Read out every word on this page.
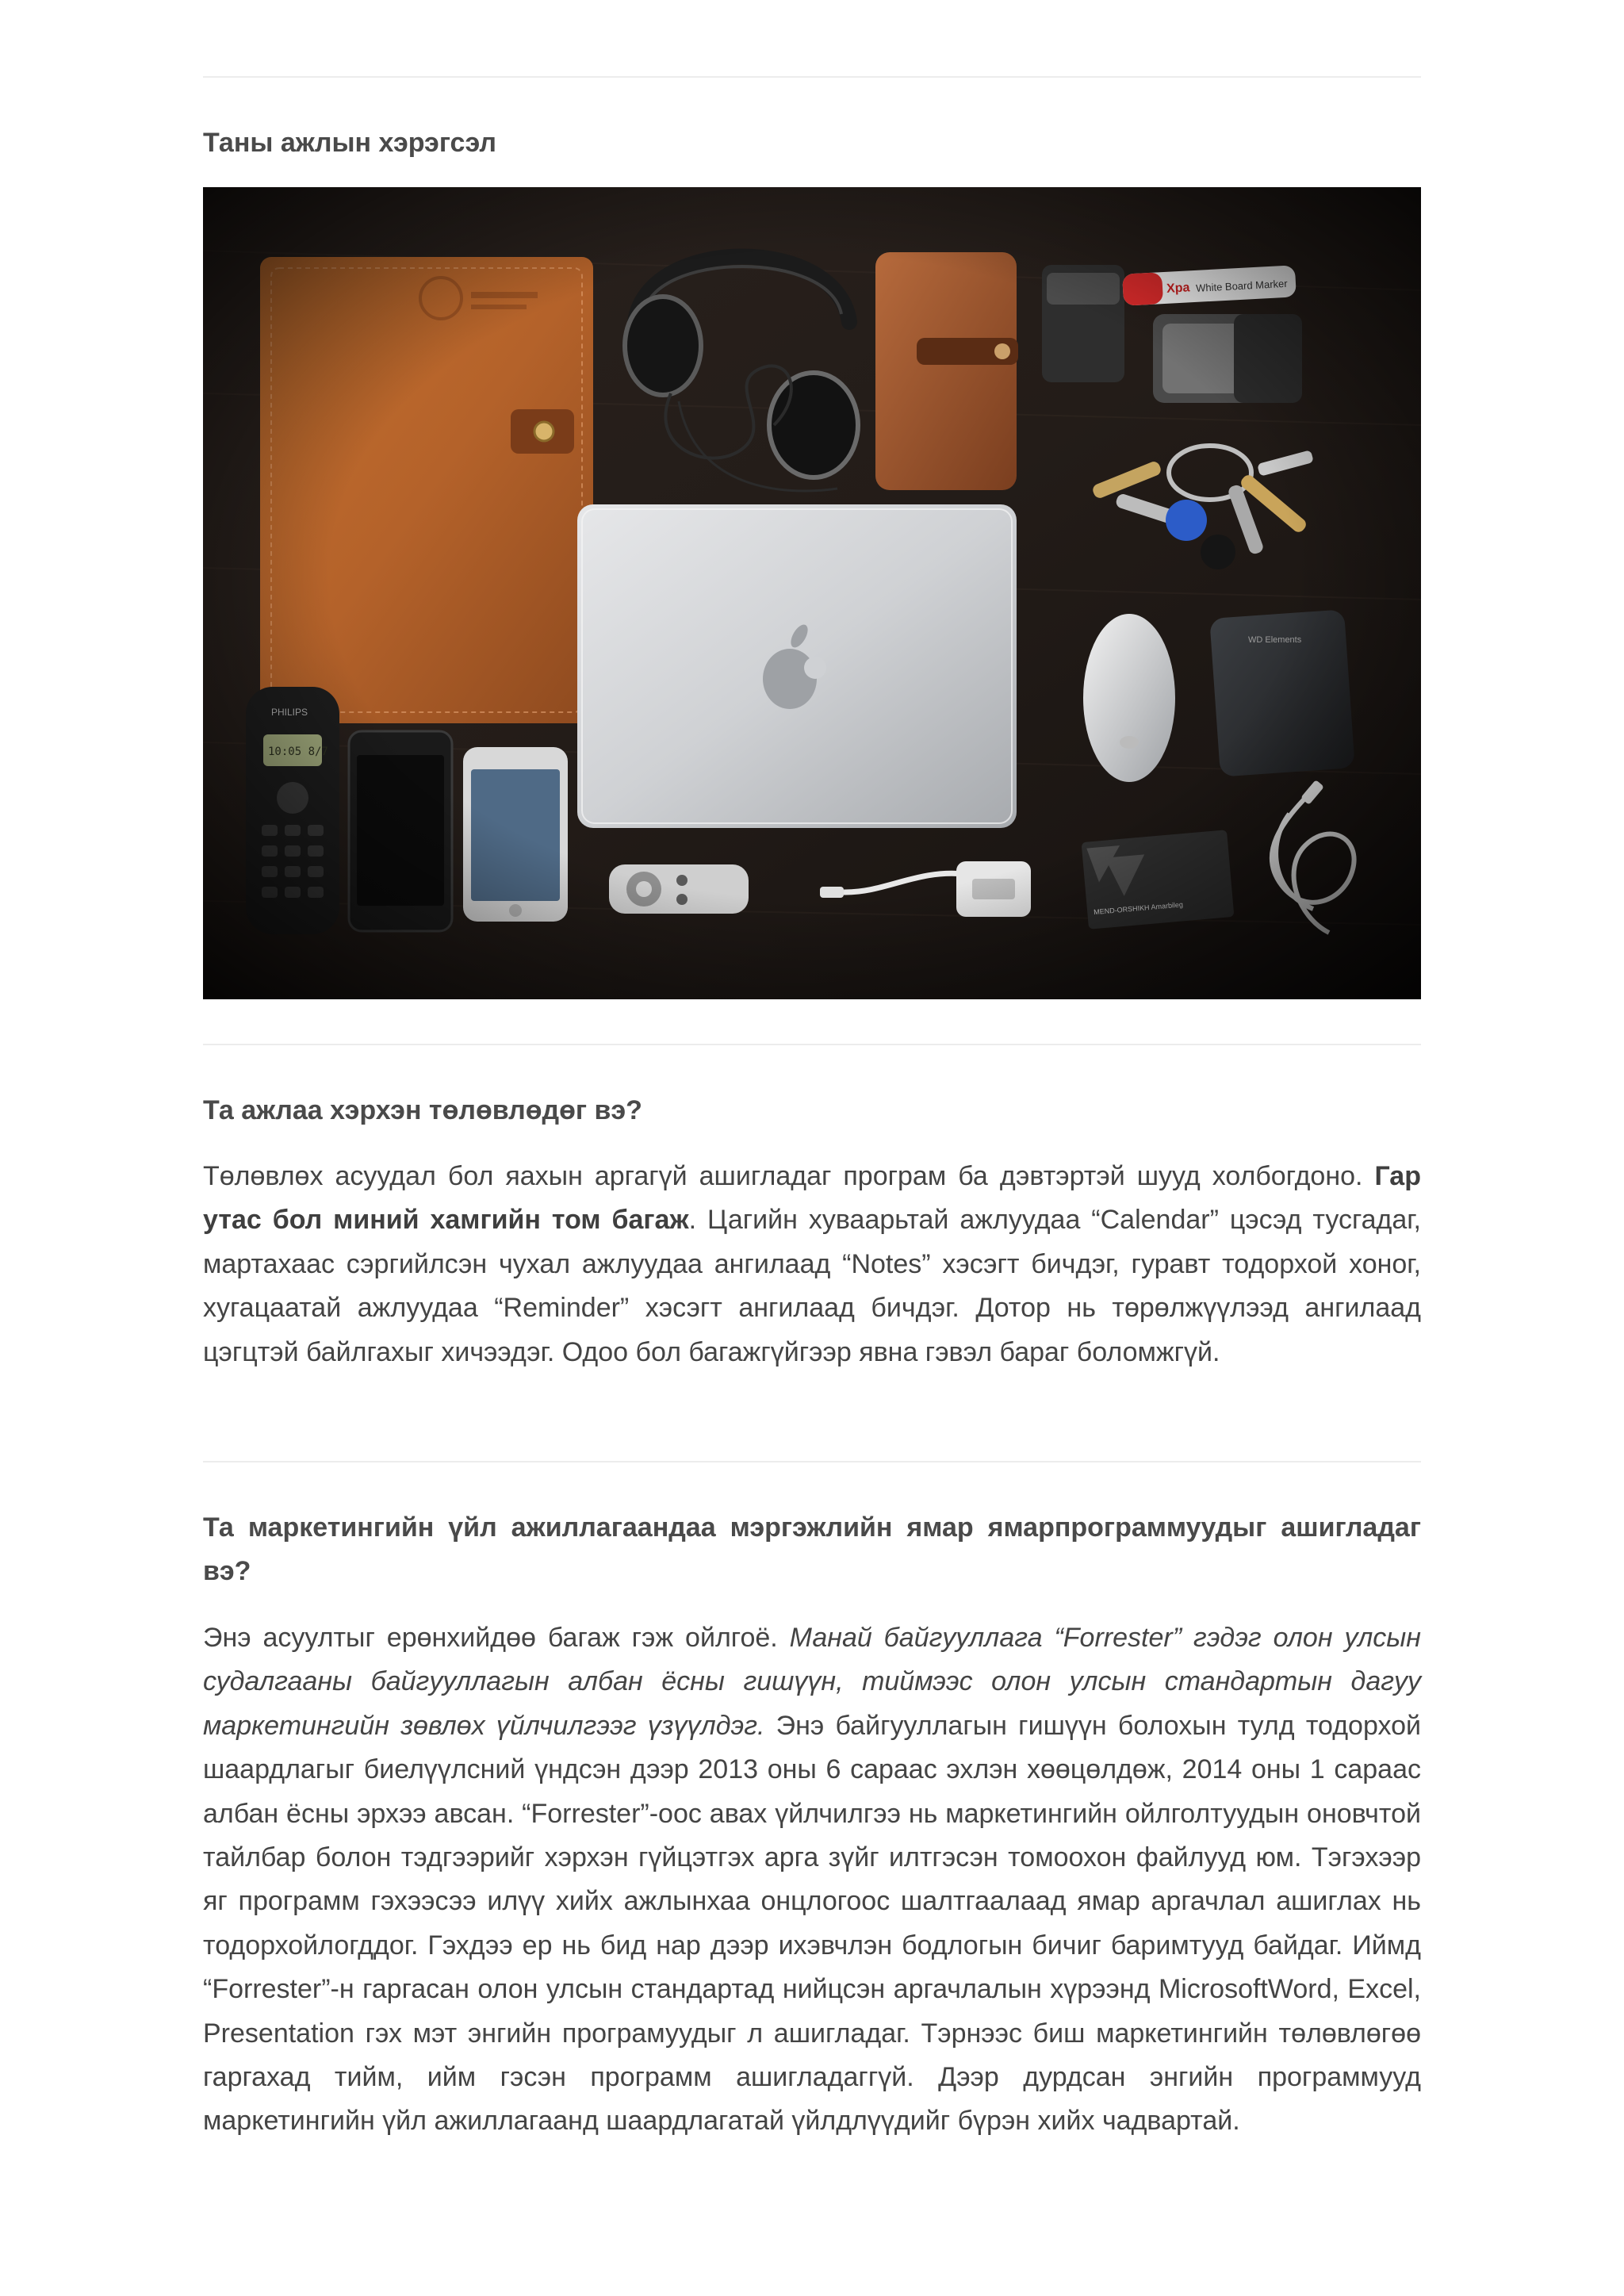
Таны ажлын хэрэгсэл
Та ажлаа хэрхэн төлөвлөдөг вэ?

Төлөвлөх асуудал бол яахын аргагүй ашигладаг програм ба дэвтэртэй шууд холбогдоно. Гар утас бол миний хамгийн том багаж. Цагийн хуваарьтай ажлуудаа “Calendar” цэсэд тусгадаг, мартахаас сэргийлсэн чухал ажлуудаа ангилаад “Notes” хэсэгт бичдэг, гуравт тодорхой хоног, хугацаатай ажлуудаа “Reminder” хэсэгт ангилаад бичдэг. Дотор нь төрөлжүүлээд ангилаад цэгцтэй байлгахыг хичээдэг. Одоо бол багажгүйгээр явна гэвэл бараг боломжгүй.

Та маркетингийн үйл ажиллагаандаа мэргэжлийн ямар ямарпрограммуудыг ашигладаг вэ?

Энэ асуултыг ерөнхийдөө багаж гэж ойлгоё. Манай байгууллага “Forrester” гэдэг олон улсын судалгааны байгууллагын албан ёсны гишүүн, тиймээс олон улсын стандартын дагуу маркетингийн зөвлөх үйлчилгээг үзүүлдэг. Энэ байгууллагын гишүүн болохын тулд тодорхой шаардлагыг биелүүлсний үндсэн дээр 2013 оны 6 сараас эхлэн хөөцөлдөж, 2014 оны 1 сараас албан ёсны эрхээ авсан. “Forrester”-оос авах үйлчилгээ нь маркетингийн ойлголтуудын оновчтой тайлбар болон тэдгээрийг хэрхэн гүйцэтгэх арга зүйг илтгэсэн томоохон файлууд юм. Тэгэхээр яг программ гэхээсээ илүү хийх ажлынхаа онцлогоос шалтгаалаад ямар аргачлал ашиглах нь тодорхойлогддог. Гэхдээ ер нь бид нар дээр ихэвчлэн бодлогын бичиг баримтууд байдаг. Иймд “Forrester”-н гаргасан олон улсын стандартад нийцсэн аргачлалын хүрээнд MicrosoftWord, Excel, Presentation гэх мэт энгийн програмуудыг л ашигладаг. Тэрнээс биш маркетингийн төлөвлөгөө гаргахад тийм, ийм гэсэн программ ашигладаггүй. Дээр дурдсан энгийн программууд маркетингийн үйл ажиллагаанд шаардлагатай үйлдлүүдийг бүрэн хийх чадвартай.
